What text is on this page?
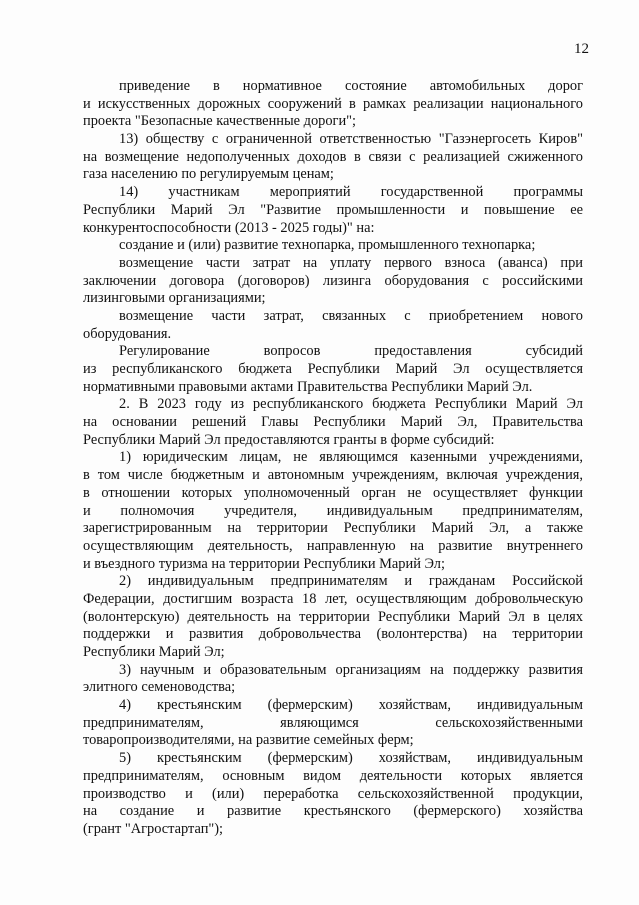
12
приведение в нормативное состояние автомобильных дорог
и искусственных дорожных сооружений в рамках реализации национального
проекта "Безопасные качественные дороги";
13) обществу с ограниченной ответственностью "Газэнергосеть Киров"
на возмещение недополученных доходов в связи с реализацией сжиженного
газа населению по регулируемым ценам;
14) участникам мероприятий государственной программы
Республики Марий Эл "Развитие промышленности и повышение ее
конкурентоспособности (2013 - 2025 годы)" на:
создание и (или) развитие технопарка, промышленного технопарка;
возмещение части затрат на уплату первого взноса (аванса) при
заключении договора (договоров) лизинга оборудования с российскими
лизинговыми организациями;
возмещение части затрат, связанных с приобретением нового
оборудования.
Регулирование вопросов предоставления субсидий
из республиканского бюджета Республики Марий Эл осуществляется
нормативными правовыми актами Правительства Республики Марий Эл.
2. В 2023 году из республиканского бюджета Республики Марий Эл
на основании решений Главы Республики Марий Эл, Правительства
Республики Марий Эл предоставляются гранты в форме субсидий:
1) юридическим лицам, не являющимся казенными учреждениями,
в том числе бюджетным и автономным учреждениям, включая учреждения,
в отношении которых уполномоченный орган не осуществляет функции
и полномочия учредителя, индивидуальным предпринимателям,
зарегистрированным на территории Республики Марий Эл, а также
осуществляющим деятельность, направленную на развитие внутреннего
и въездного туризма на территории Республики Марий Эл;
2) индивидуальным предпринимателям и гражданам Российской
Федерации, достигшим возраста 18 лет, осуществляющим добровольческую
(волонтерскую) деятельность на территории Республики Марий Эл в целях
поддержки и развития добровольчества (волонтерства) на территории
Республики Марий Эл;
3) научным и образовательным организациям на поддержку развития
элитного семеноводства;
4) крестьянским (фермерским) хозяйствам, индивидуальным
предпринимателям, являющимся сельскохозяйственными
товаропроизводителями, на развитие семейных ферм;
5) крестьянским (фермерским) хозяйствам, индивидуальным
предпринимателям, основным видом деятельности которых является
производство и (или) переработка сельскохозяйственной продукции,
на создание и развитие крестьянского (фермерского) хозяйства
(грант "Агростартап");
